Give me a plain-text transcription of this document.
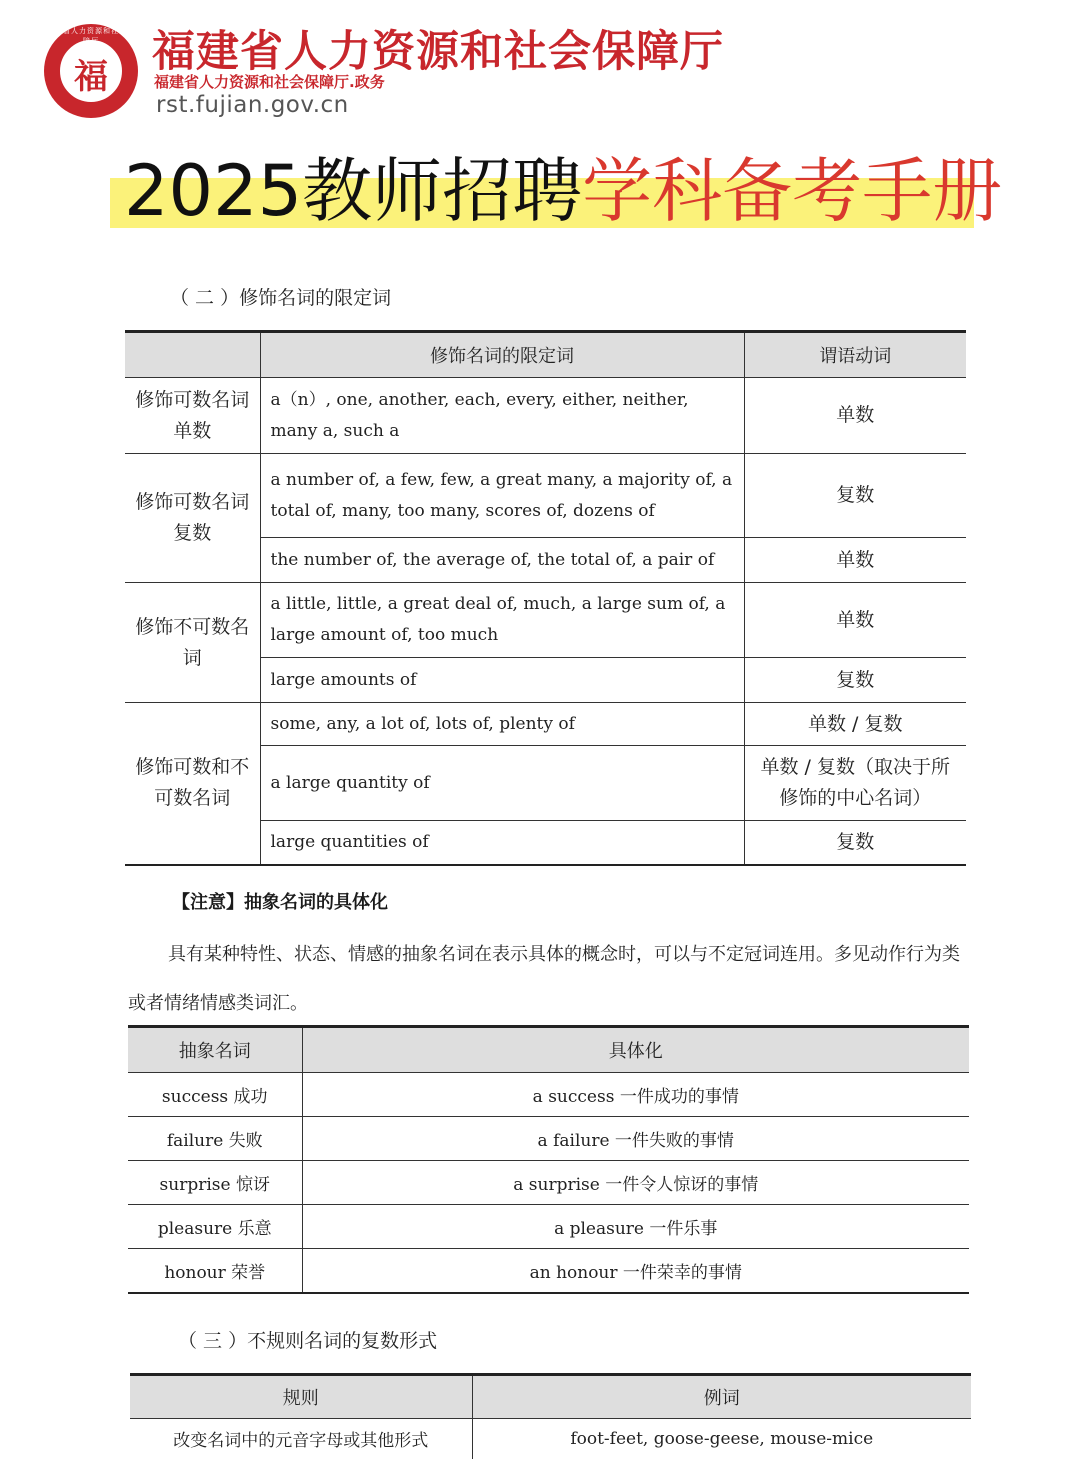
福建省人力资源和社会保
福 福建省人力资源和社会保障厅
福建省人力资源和社会保障厅.政务
rst.fujian.gov.cn
2025教师招聘学科备考手册
（ 二 ）修饰名词的限定词
	修饰名词的限定词	谓语动词
修饰可数名词单数	a（n）, one, another, each, every, either, neither, many a, such a	单数
修饰可数名词复数	a number of, a few, few, a great many, a majority of, a total of, many, too many, scores of, dozens of	复数
	the number of, the average of, the total of, a pair of	单数
修饰不可数名词	a little, little, a great deal of, much, a large sum of, a large amount of, too much	单数
	large amounts of	复数
修饰可数和不可数名词	some, any, a lot of, lots of, plenty of	单数 / 复数
	a large quantity of	单数 / 复数（取决于所修饰的中心名词）
	large quantities of	复数
【注意】抽象名词的具体化
具有某种特性、状态、情感的抽象名词在表示具体的概念时，可以与不定冠词连用。多见动作行为类或者情绪情感类词汇。
抽象名词	具体化
success 成功	a success 一件成功的事情
failure 失败	a failure 一件失败的事情
surprise 惊讶	a surprise 一件令人惊讶的事情
pleasure 乐意	a pleasure 一件乐事
honour 荣誉	an honour 一件荣幸的事情
（ 三 ）不规则名词的复数形式
规则	例词
改变名词中的元音字母或其他形式	foot-feet, goose-geese, mouse-mice
